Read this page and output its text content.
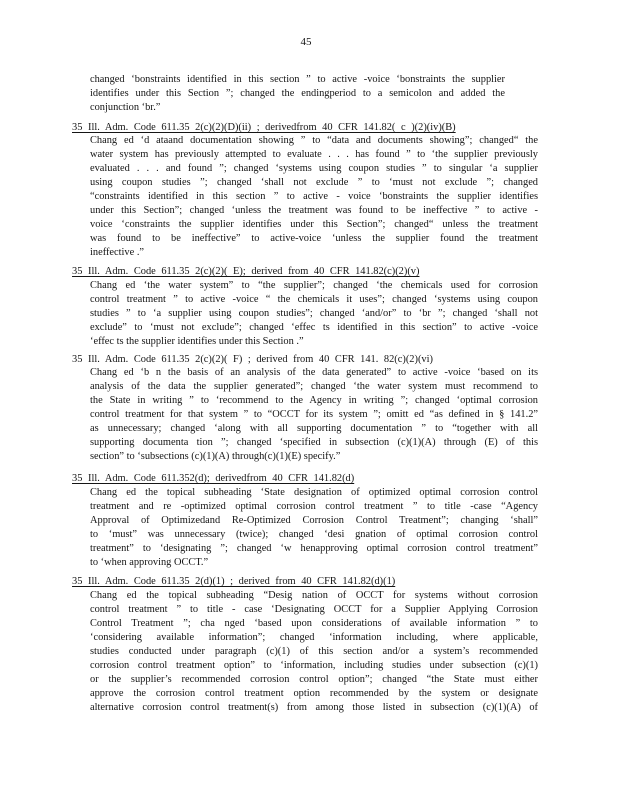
45
changed ‘bonstraints identified in this section ” to active -voice ‘bonstraints the supplier
identifies under this Section ”; changed the endingperiod to a semicolon and added the
conjunction ‘br.”
35 Ill. Adm. Code 611.35 2(c)(2)(D)(ii) ; derivedfrom 40 CFR 141.82( c )(2)(iv)(B)
Chang ed ‘d ataand documentation showing ” to “data and documents showing”; changed“ the
water system has previously attempted to evaluate . . . has found ” to ‘the supplier previously
evaluated . . . and found ”; changed ‘systems using coupon studies ” to singular ‘a supplier
using coupon studies ”; changed ‘shall not exclude ” to ‘must not exclude ”; changed
“constraints identified in this section ” to active - voice ‘bonstraints the supplier identifies
under this Section”; changed ‘unless the treatment was found to be ineffective ” to active -
voice ‘constraints the supplier identifies under this Section”; changed“ unless the treatment
was found to be ineffective” to active-voice ‘unless the supplier found the treatment
ineffective .”
35 Ill. Adm. Code 611.35 2(c)(2)( E); derived from 40 CFR 141.82(c)(2)(v)
Chang ed ‘the water system” to “the supplier”; changed ‘the chemicals used for corrosion
control treatment ” to active -voice “ the chemicals it uses”; changed ‘systems using coupon
studies ” to ‘a supplier using coupon studies”; changed ‘and/or” to ‘br ”; changed ‘shall not
exclude” to ‘must not exclude”; changed ‘effec ts identified in this section” to active -voice
‘effec ts the supplier identifies under this Section .”
35 Ill. Adm. Code 611.35 2(c)(2)( F) ; derived from 40 CFR 141. 82(c)(2)(vi)
Chang ed ‘b n the basis of an analysis of the data generated” to active -voice ‘based on its
analysis of the data the supplier generated”; changed ‘the water system must recommend to
the State in writing ” to ‘recommend to the Agency in writing ”; changed ‘optimal corrosion
control treatment for that system ” to “OCCT for its system ”; omitt ed “as defined in § 141.2”
as unnecessary; changed ‘along with all supporting documentation ” to “together with all
supporting documenta tion ”; changed ‘specified in subsection (c)(1)(A) through (E) of this
section” to ‘subsections (c)(1)(A) through(c)(1)(E) specify.”
35 Ill. Adm. Code 611.352(d); derivedfrom 40 CFR 141.82(d)
Chang ed the topical subheading ‘State designation of optimized optimal corrosion control
treatment and re -optimized optimal corrosion control treatment ” to title -case “Agency
Approval of Optimizedand Re-Optimized Corrosion Control Treatment”; changing ‘shall”
to ‘must” was unnecessary (twice); changed ‘desi gnation of optimal corrosion control
treatment” to ‘designating ”; changed ‘w henapproving optimal corrosion control treatment”
to ‘when approving OCCT.”
35 Ill. Adm. Code 611.35 2(d)(1) ; derived from 40 CFR 141.82(d)(1)
Chang ed the topical subheading “Desig nation of OCCT for systems without corrosion
control treatment ” to title - case ‘Designating OCCT for a Supplier Applying Corrosion
Control Treatment ”; cha nged ‘based upon considerations of available information ” to
‘considering available information”; changed ‘information including, where applicable,
studies conducted under paragraph (c)(1) of this section and/or a system’s recommended
corrosion control treatment option” to ‘information, including studies under subsection (c)(1)
or the supplier’s recommended corrosion control option”; changed “the State must either
approve the corrosion control treatment option recommended by the system or designate
alternative corrosion control treatment(s) from among those listed in subsection (c)(1)(A) of
